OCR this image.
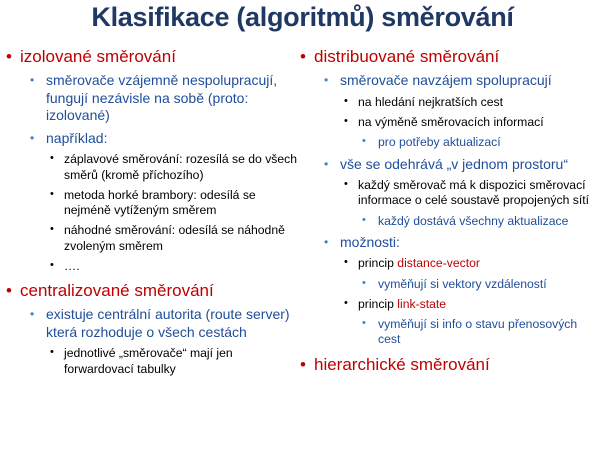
Klasifikace (algoritmů) směrování
• izolované směrování
• směrovače vzájemně nespolupracují, fungují nezávisle na sobě (proto: izolované)
• například:
• záplavové směrování: rozesílá se do všech směrů (kromě příchozího)
• metoda horké brambory: odesílá se nejméně vytíženým směrem
• náhodné směrování: odesílá se náhodně zvoleným směrem
• ….
• centralizované směrování
• existuje centrální autorita (route server) která rozhoduje o všech cestách
• jednotlivé „směrovače“ mají jen forwardovací tabulky
• distribuované směrování
• směrovače navzájem spolupracují
• na hledání nejkratších cest
• na výměně směrovacích informací
• pro potřeby aktualizací
• vše se odehrává „v jednom prostoru“
• každý směrovač má k dispozici směrovací informace o celé soustavě propojených sítí
• každý dostává všechny aktualizace
• možnosti:
• princip distance-vector
• vyměňují si vektory vzdáleností
• princip link-state
• vyměňují si info o stavu přenosových cest
• hierarchické směrování
